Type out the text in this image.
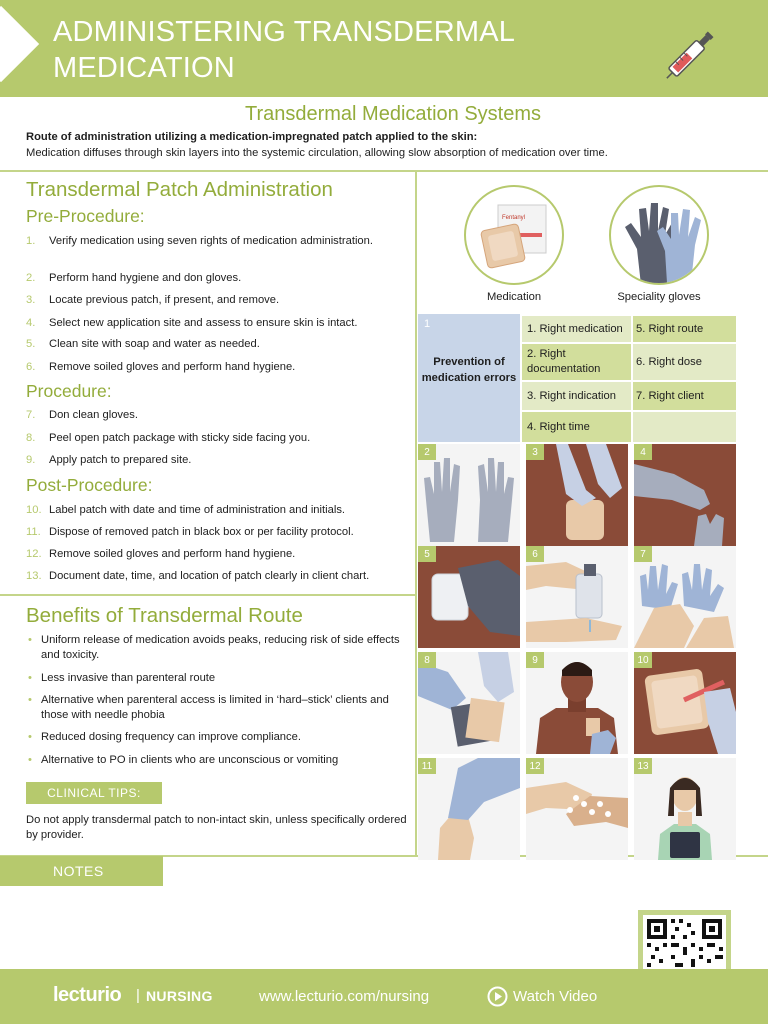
ADMINISTERING TRANSDERMAL MEDICATION
Transdermal Medication Systems
Route of administration utilizing a medication-impregnated patch applied to the skin:
Medication diffuses through skin layers into the systemic circulation, allowing slow absorption of medication over time.
Transdermal Patch Administration
Pre-Procedure:
1.	Verify medication using seven rights of medication administration.
2.	Perform hand hygiene and don gloves.
3.	Locate previous patch, if present, and remove.
4.	Select new application site and assess to ensure skin is intact.
5.	Clean site with soap and water as needed.
6.	Remove soiled gloves and perform hand hygiene.
Procedure:
7.	Don clean gloves.
8.	Peel open patch package with sticky side facing you.
9.	Apply patch to prepared site.
Post-Procedure:
10. Label patch with date and time of administration and initials.
11. Dispose of removed patch in black box or per facility protocol.
12. Remove soiled gloves and perform hand hygiene.
13. Document date, time, and location of patch clearly in client chart.
Benefits of Transdermal Route
• Uniform release of medication avoids peaks, reducing risk of side effects and toxicity.
• Less invasive than parenteral route
• Alternative when parenteral access is limited in ‘hard–stick’ clients and those with needle phobia
• Reduced dosing frequency can improve compliance.
• Alternative to PO in clients who are unconscious or vomiting
CLINICAL TIPS:
Do not apply transdermal patch to non-intact skin, unless specifically ordered by provider.
NOTES
Fentanyl
Medication	Speciality gloves
1
Prevention of medication errors
1. Right medication
2. Right documentation
3. Right indication
4. Right time
5. Right route
6. Right dose
7. Right client
2	3	4
5	6	7
8	9	10
11	12	13
lecturio | NURSING	www.lecturio.com/nursing	Watch Video
